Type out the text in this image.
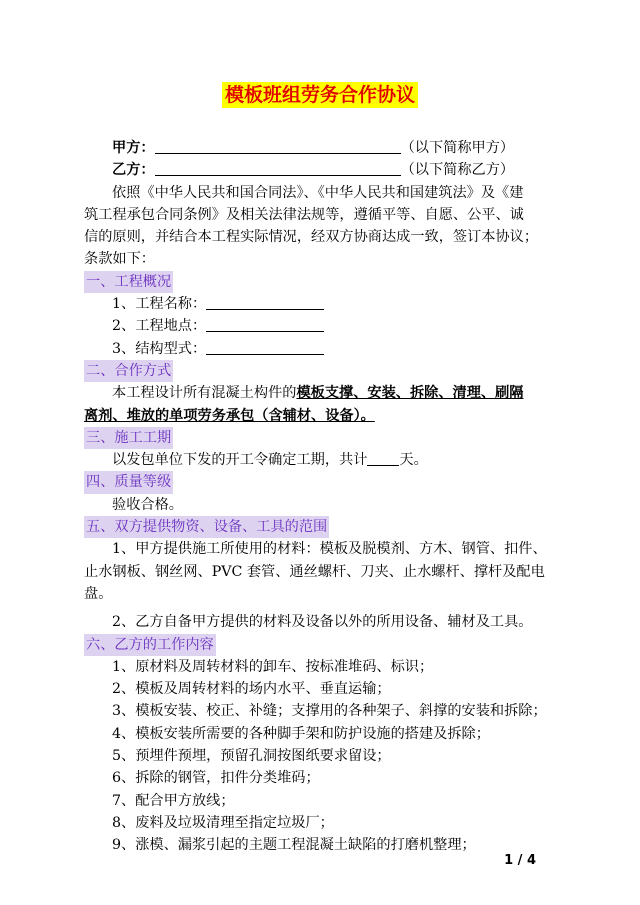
模板班组劳务合作协议
甲方：	（以下简称甲方）
乙方：	（以下简称乙方）
依照《中华人民共和国合同法》、《中华人民共和国建筑法》及《建
筑工程承包合同条例》及相关法律法规等，遵循平等、自愿、公平、诚
信的原则，并结合本工程实际情况，经双方协商达成一致，签订本协议；
条款如下：
一、工程概况
1、工程名称：
2、工程地点：
3、结构型式：
二、合作方式
本工程设计所有混凝土构件的模板支撑、安装、拆除、清理、刷隔
离剂、堆放的单项劳务承包（含辅材、设备）。
三、施工工期
以发包单位下发的开工令确定工期，共计 天。
四、质量等级
验收合格。
五、双方提供物资、设备、工具的范围
1、甲方提供施工所使用的材料：模板及脱模剂、方木、钢管、扣件、
止水钢板、钢丝网、PVC 套管、通丝螺杆、刀夹、止水螺杆、撑杆及配电
盘。
2、乙方自备甲方提供的材料及设备以外的所用设备、辅材及工具。
六、乙方的工作内容
1、原材料及周转材料的卸车、按标准堆码、标识；
2、模板及周转材料的场内水平、垂直运输；
3、模板安装、校正、补缝；支撑用的各种架子、斜撑的安装和拆除；
4、模板安装所需要的各种脚手架和防护设施的搭建及拆除；
5、预埋件预埋，预留孔洞按图纸要求留设；
6、拆除的钢管，扣件分类堆码；
7、配合甲方放线；
8、废料及垃圾清理至指定垃圾厂；
9、涨模、漏浆引起的主题工程混凝土缺陷的打磨机整理；
1 / 4
